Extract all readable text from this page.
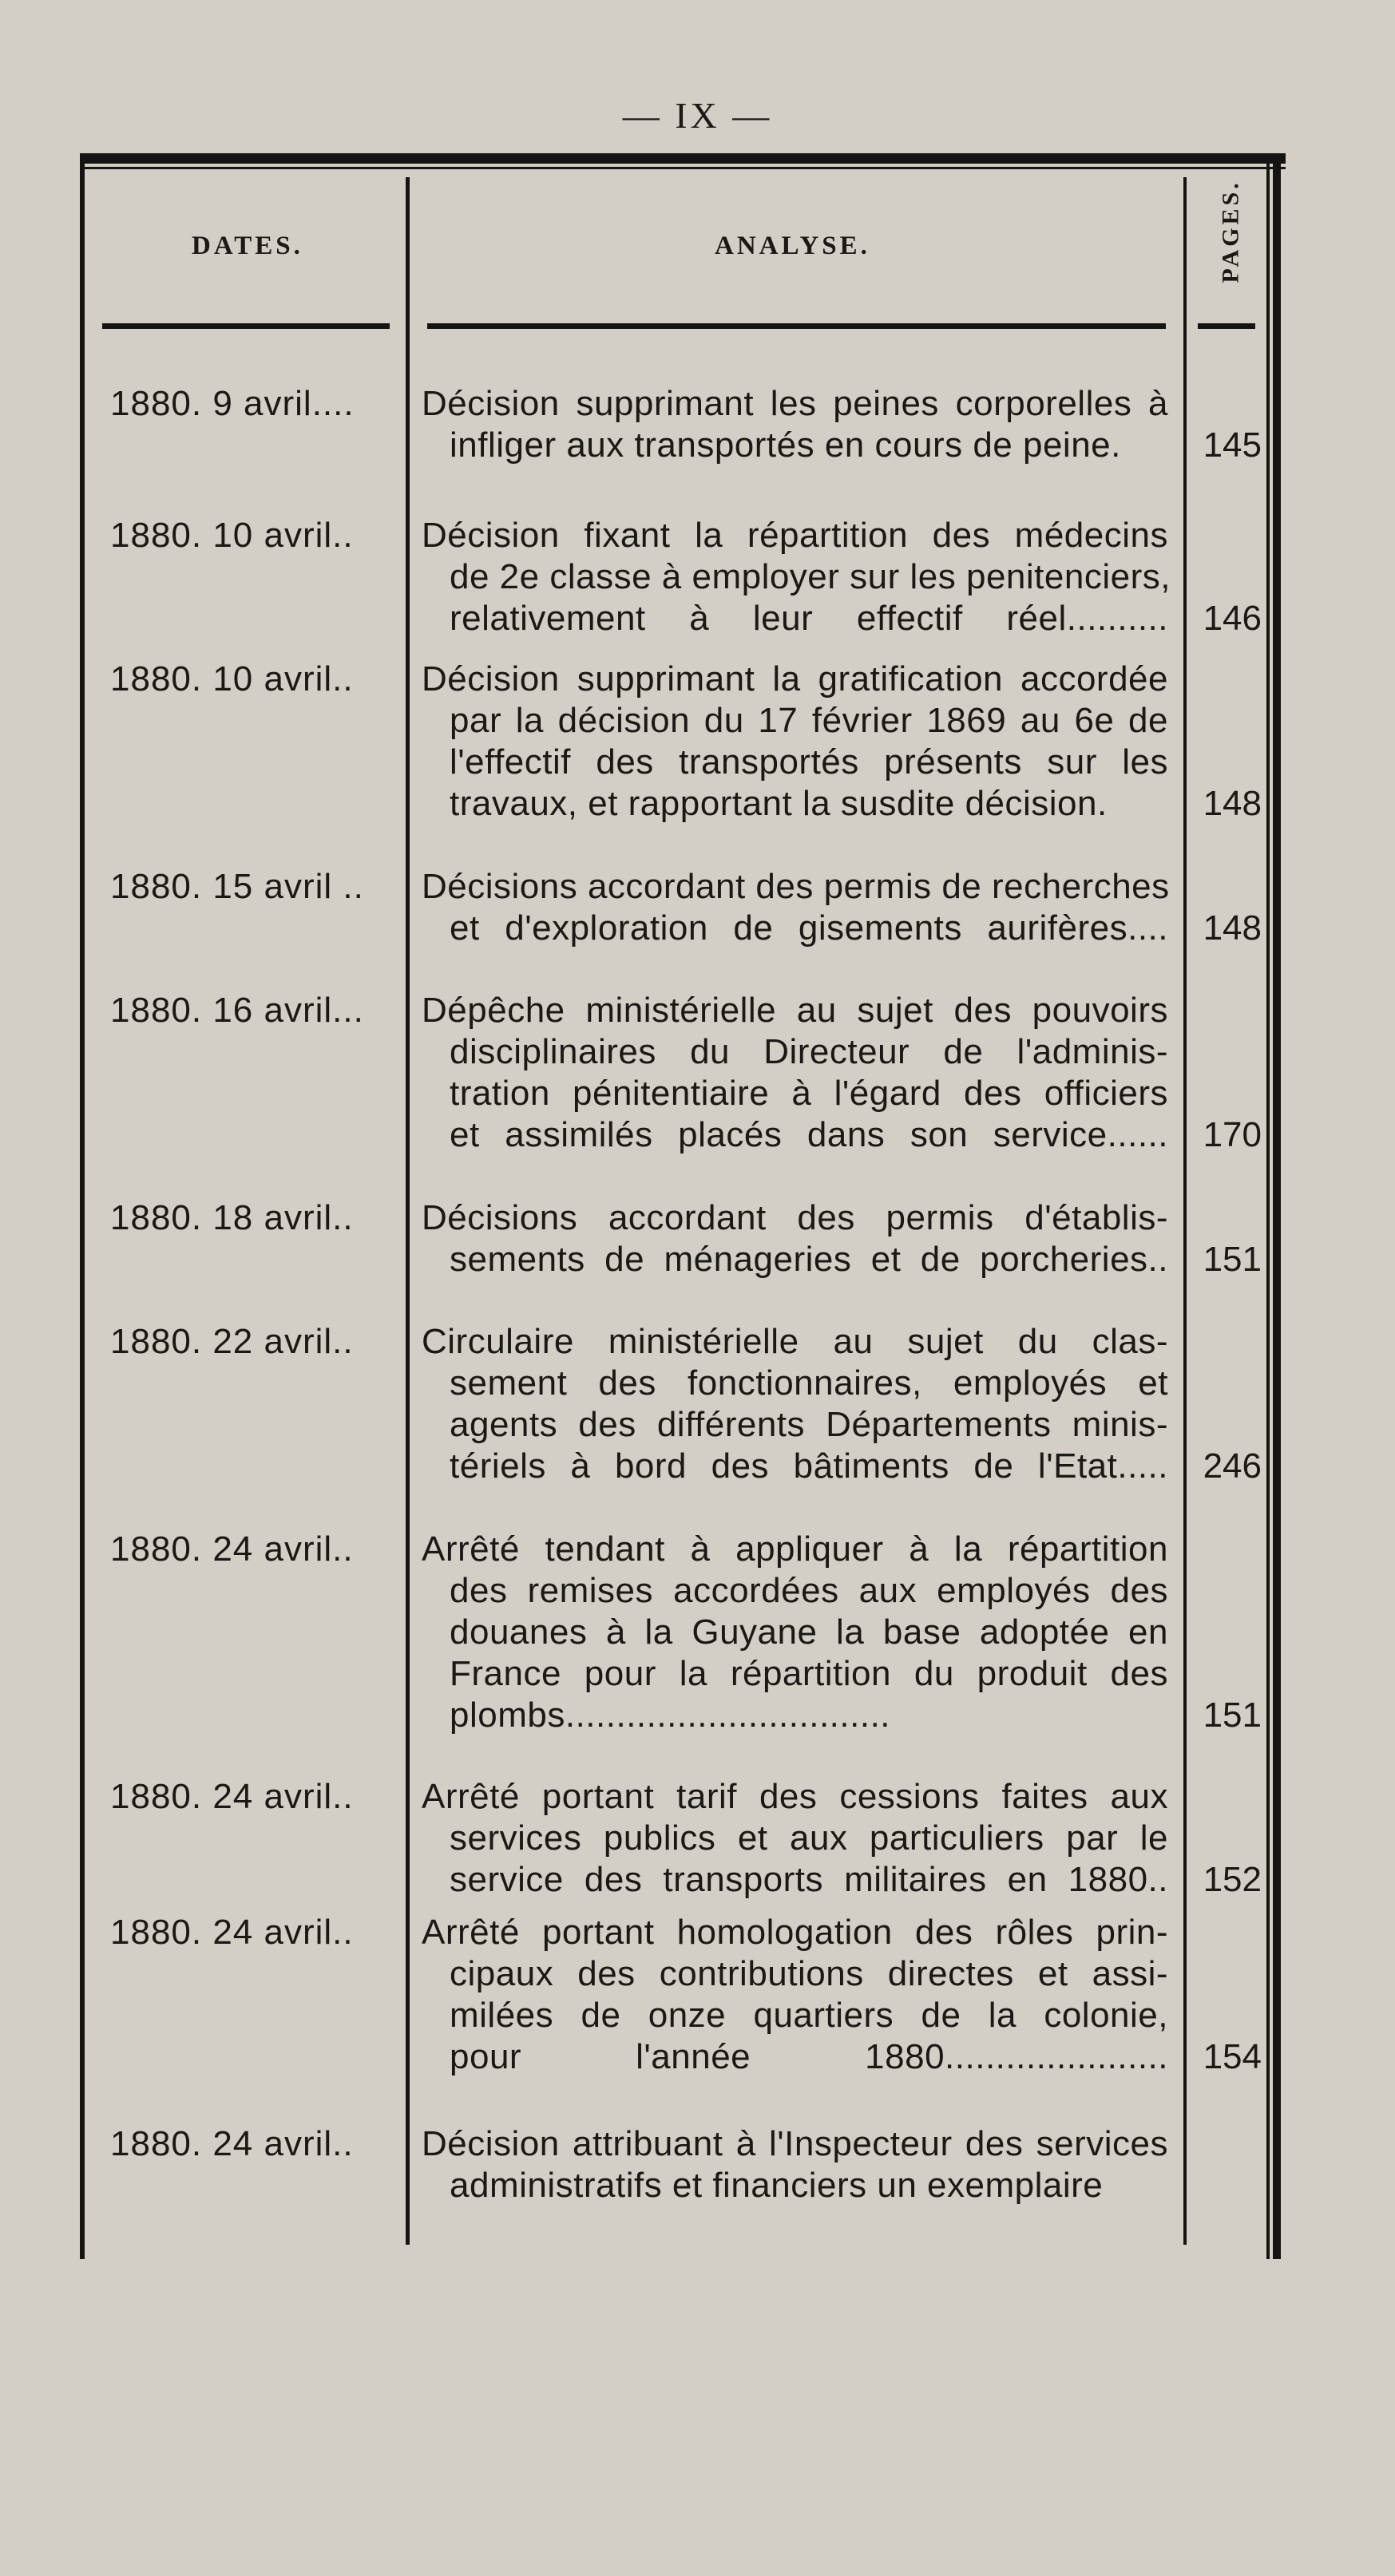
— IX —
DATES.	ANALYSE.	PAGES.
1880. 9 avril....	Décision supprimant les peines corporelles à
infliger aux transportés en cours de peine.	145
1880. 10 avril..	Décision fixant la répartition des médecins
de 2e classe à employer sur les penitenciers,
relativement à leur effectif réel.......... 146
1880. 10 avril..	Décision supprimant la gratification accordée
par la décision du 17 février 1869 au 6e de
l'effectif des transportés présents sur les
travaux, et rapportant la susdite décision.	148
1880. 15 avril ..	Décisions accordant des permis de recherches
et d'exploration de gisements aurifères.... 148
1880. 16 avril...	Dépêche ministérielle au sujet des pouvoirs
disciplinaires du Directeur de l'adminis-
tration pénitentiaire à l'égard des officiers
et assimilés placés dans son service...... 170
1880. 18 avril..	Décisions accordant des permis d'établis-
sements de ménageries et de porcheries.. 151
1880. 22 avril..	Circulaire ministérielle au sujet du clas-
sement des fonctionnaires, employés et
agents des différents Départements minis-
tériels à bord des bâtiments de l'Etat..... 246
1880. 24 avril..	Arrêté tendant à appliquer à la répartition
des remises accordées aux employés des
douanes à la Guyane la base adoptée en
France pour la répartition du produit des
plombs................................	151
1880. 24 avril..	Arrêté portant tarif des cessions faites aux
services publics et aux particuliers par le
service des transports militaires en 1880.. 152
1880. 24 avril..	Arrêté portant homologation des rôles prin-
cipaux des contributions directes et assi-
milées de onze quartiers de la colonie,
pour l'année 1880...................... 154
1880. 24 avril..	Décision attribuant à l'Inspecteur des services
administratifs et financiers un exemplaire
